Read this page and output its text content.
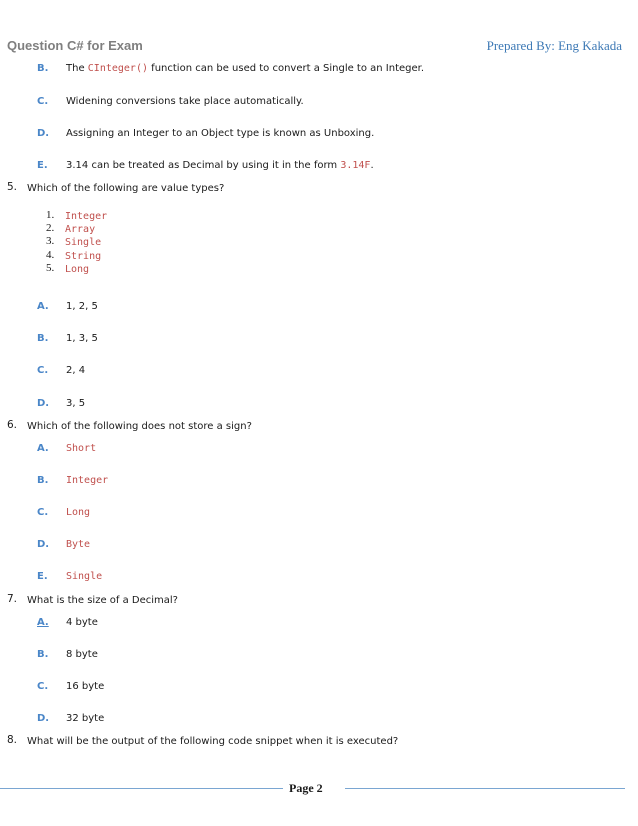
Question C# for Exam	Prepared By: Eng Kakada
B. The CInteger() function can be used to convert a Single to an Integer.
C. Widening conversions take place automatically.
D. Assigning an Integer to an Object type is known as Unboxing.
E. 3.14 can be treated as Decimal by using it in the form 3.14F.
5. Which of the following are value types?
1. Integer
2. Array
3. Single
4. String
5. Long
A. 1, 2, 5
B. 1, 3, 5
C. 2, 4
D. 3, 5
6. Which of the following does not store a sign?
A. Short
B. Integer
C. Long
D. Byte
E. Single
7. What is the size of a Decimal?
A. 4 byte
B. 8 byte
C. 16 byte
D. 32 byte
8. What will be the output of the following code snippet when it is executed?
Page 2
